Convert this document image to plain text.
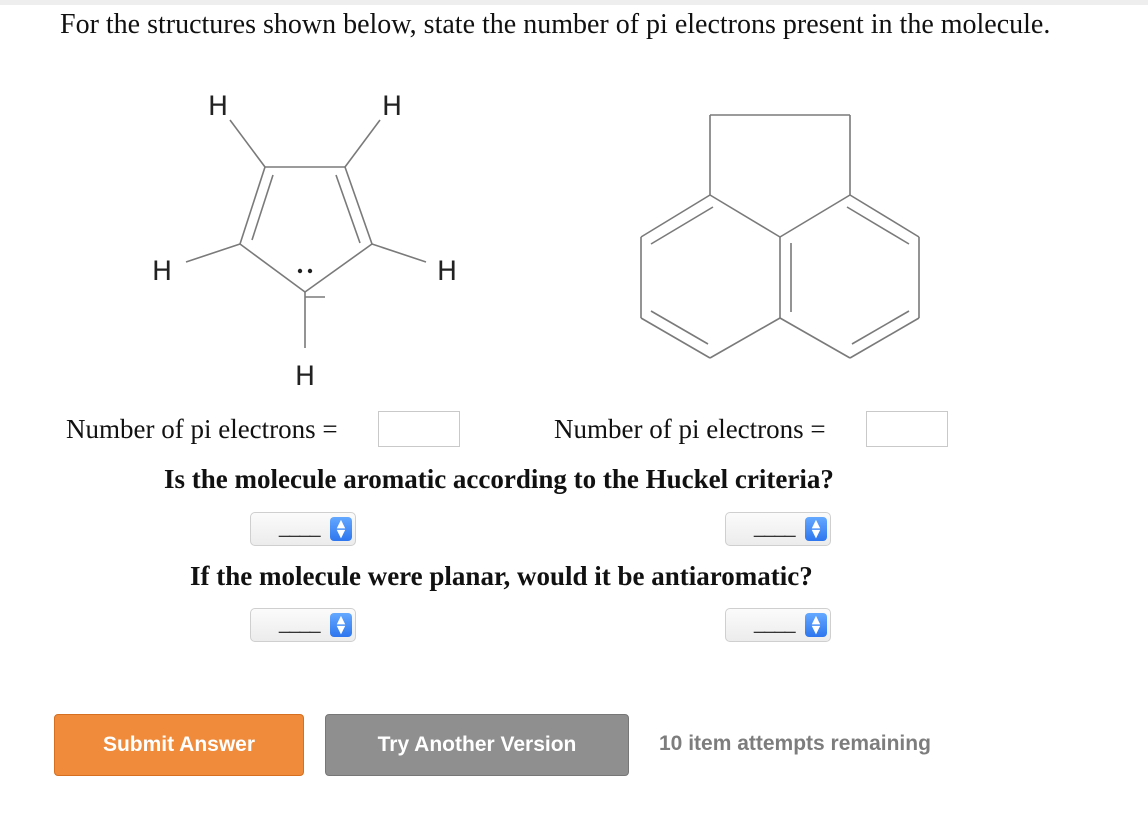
For the structures shown below, state the number of pi electrons present in the molecule.
H	H
H	H
H
Number of pi electrons =	Number of pi electrons =
Is the molecule aromatic according to the Huckel criteria?
____	▲
▼	____	▲
▼
If the molecule were planar, would it be antiaromatic?
____	▲
▼	____	▲
▼
Submit Answer	Try Another Version	10 item attempts remaining
